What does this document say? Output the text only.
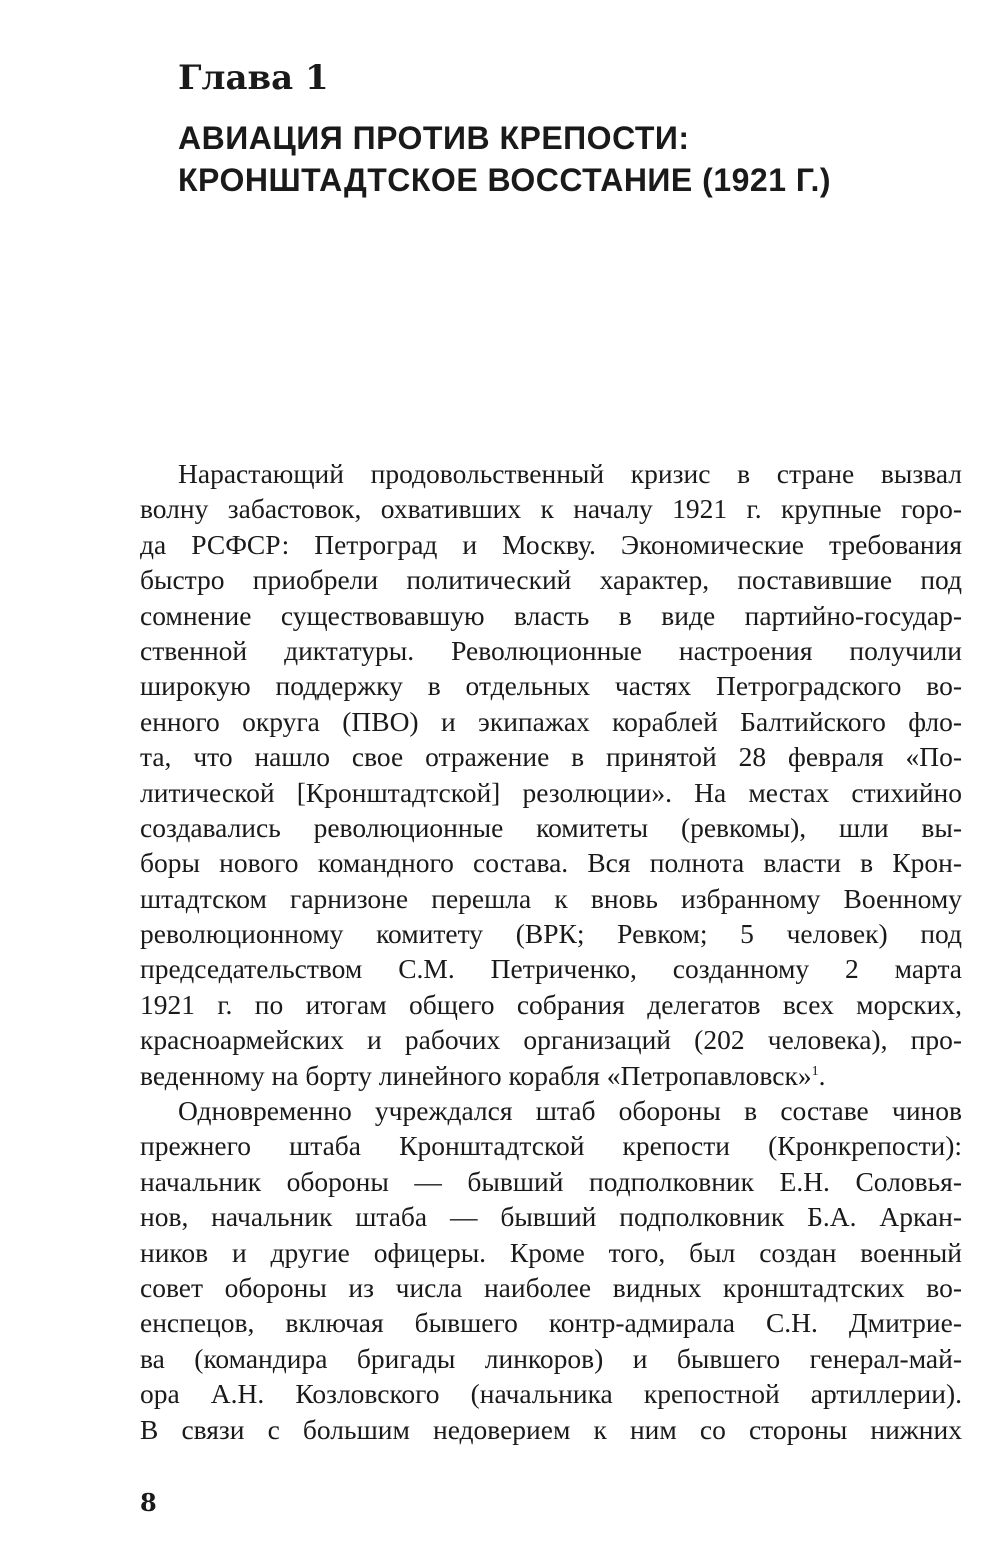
Глава 1
АВИАЦИЯ ПРОТИВ КРЕПОСТИ:
КРОНШТАДТСКОЕ ВОССТАНИЕ (1921 Г.)
Нарастающий продовольственный кризис в стране вызвал
волну забастовок, охвативших к началу 1921 г. крупные горо-
да РСФСР: Петроград и Москву. Экономические требования
быстро приобрели политический характер, поставившие под
сомнение существовавшую власть в виде партийно-государ-
ственной диктатуры. Революционные настроения получили
широкую поддержку в отдельных частях Петроградского во-
енного округа (ПВО) и экипажах кораблей Балтийского фло-
та, что нашло свое отражение в принятой 28 февраля «По-
литической [Кронштадтской] резолюции». На местах стихийно
создавались революционные комитеты (ревкомы), шли вы-
боры нового командного состава. Вся полнота власти в Крон-
штадтском гарнизоне перешла к вновь избранному Военному
революционному комитету (ВРК; Ревком; 5 человек) под
председательством С.М. Петриченко, созданному 2 марта
1921 г. по итогам общего собрания делегатов всех морских,
красноармейских и рабочих организаций (202 человека), про-
веденному на борту линейного корабля «Петропавловск»$^1$.
Одновременно учреждался штаб обороны в составе чинов
прежнего штаба Кронштадтской крепости (Кронкрепости):
начальник обороны — бывший подполковник Е.Н. Соловья-
нов, начальник штаба — бывший подполковник Б.А. Аркан-
ников и другие офицеры. Кроме того, был создан военный
совет обороны из числа наиболее видных кронштадтских во-
енспецов, включая бывшего контр-адмирала С.Н. Дмитрие-
ва (командира бригады линкоров) и бывшего генерал-май-
ора А.Н. Козловского (начальника крепостной артиллерии).
В связи с большим недоверием к ним со стороны нижних
8
